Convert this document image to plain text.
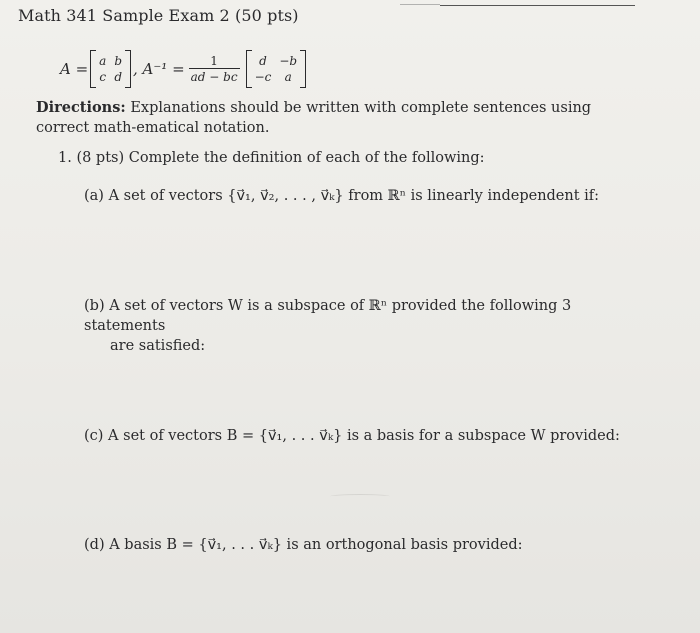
Math 341 Sample Exam 2 (50 pts)
A = a b
c d , $A^{-1} = \frac{1}{ad - bc}$	d	−b
−c	a
Directions: Explanations should be written with complete sentences using correct math-ematical notation.
1. (8 pts) Complete the definition of each of the following:
(a) A set of vectors {v⃗₁, v⃗₂, . . . , v⃗ₖ} from ℝⁿ is linearly independent if:
(b) A set of vectors W is a subspace of ℝⁿ provided the following 3 statements
are satisfied:
(c) A set of vectors B = {v⃗₁, . . . v⃗ₖ} is a basis for a subspace W provided:
(d) A basis B = {v⃗₁, . . . v⃗ₖ} is an orthogonal basis provided:
